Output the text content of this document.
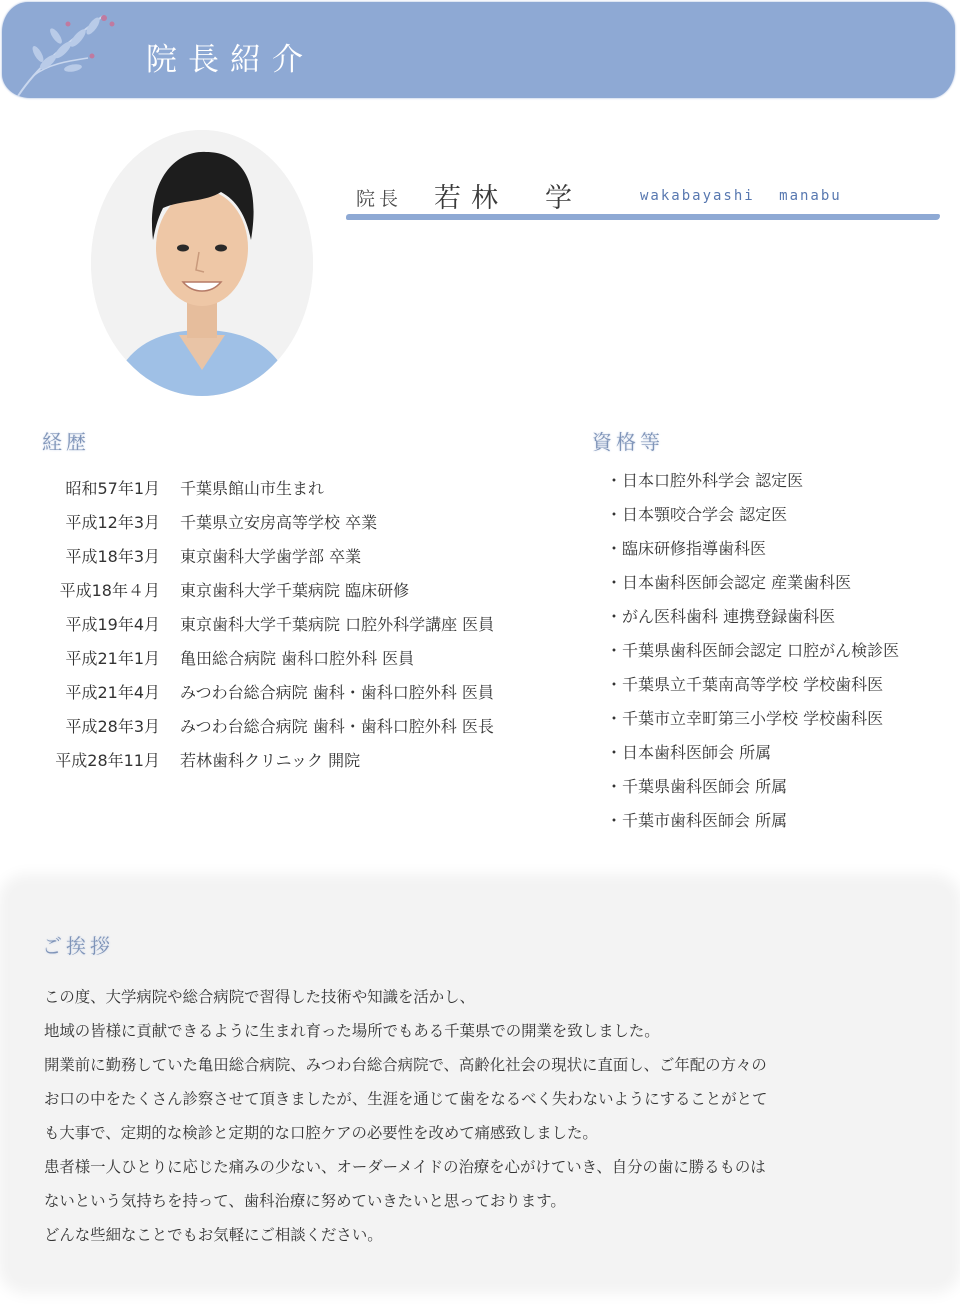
院長紹介
院長 若林　学	wakabayashi manabu
経歴
昭和57年1月 千葉県館山市生まれ
平成12年3月 千葉県立安房高等学校 卒業
平成18年3月 東京歯科大学歯学部 卒業
平成18年４月 東京歯科大学千葉病院 臨床研修
平成19年4月 東京歯科大学千葉病院 口腔外科学講座 医員
平成21年1月 亀田総合病院 歯科口腔外科 医員
平成21年4月 みつわ台総合病院 歯科・歯科口腔外科 医員
平成28年3月 みつわ台総合病院 歯科・歯科口腔外科 医長
平成28年11月 若林歯科クリニック 開院
資格等
・日本口腔外科学会 認定医
・日本顎咬合学会 認定医
・臨床研修指導歯科医
・日本歯科医師会認定 産業歯科医
・がん医科歯科 連携登録歯科医
・千葉県歯科医師会認定 口腔がん検診医
・千葉県立千葉南高等学校 学校歯科医
・千葉市立幸町第三小学校 学校歯科医
・日本歯科医師会 所属
・千葉県歯科医師会 所属
・千葉市歯科医師会 所属
ご挨拶
この度、大学病院や総合病院で習得した技術や知識を活かし、
地域の皆様に貢献できるように生まれ育った場所でもある千葉県での開業を致しました。
開業前に勤務していた亀田総合病院、みつわ台総合病院で、高齢化社会の現状に直面し、ご年配の方々の
お口の中をたくさん診察させて頂きましたが、生涯を通じて歯をなるべく失わないようにすることがとて
も大事で、定期的な検診と定期的な口腔ケアの必要性を改めて痛感致しました。
患者様一人ひとりに応じた痛みの少ない、オーダーメイドの治療を心がけていき、自分の歯に勝るものは
ないという気持ちを持って、歯科治療に努めていきたいと思っております。
どんな些細なことでもお気軽にご相談ください。
